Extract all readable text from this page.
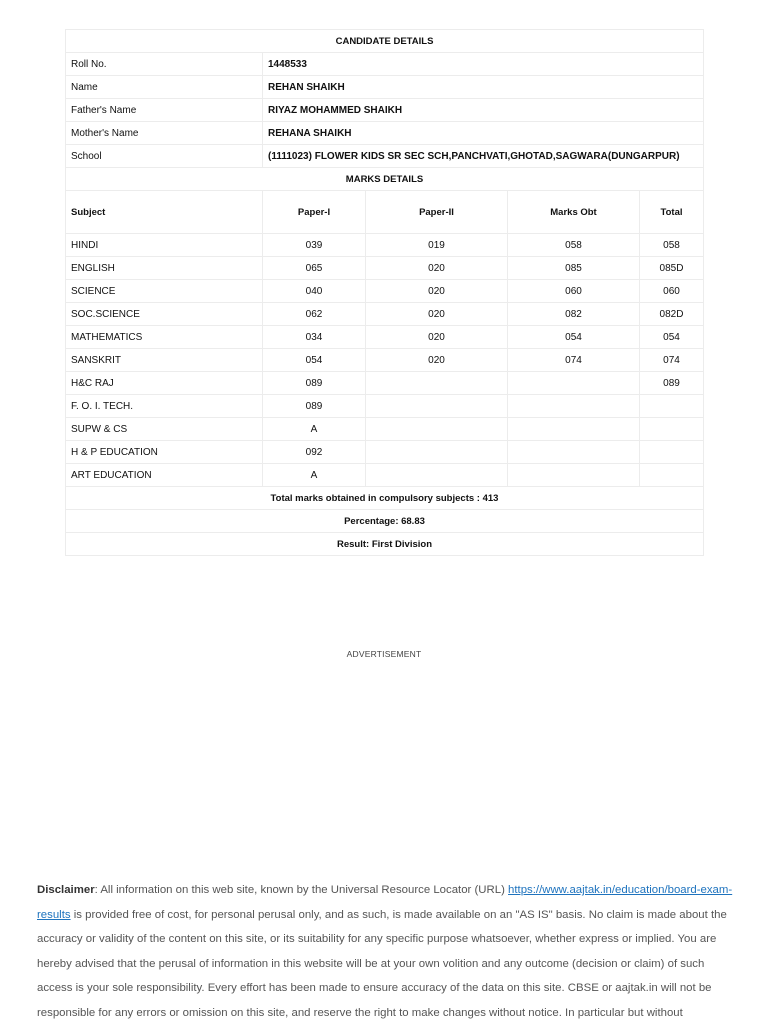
CANDIDATE DETAILS				
Roll No.	1448533			
Name	REHAN SHAIKH			
Father's Name	RIYAZ MOHAMMED SHAIKH			
Mother's Name	REHANA SHAIKH			
School	(1111023) FLOWER KIDS SR SEC SCH,PANCHVATI,GHOTAD,SAGWARA(DUNGARPUR)			
MARKS DETAILS				
Subject	Paper-I	Paper-II	Marks Obt	Total
HINDI	039	019	058	058
ENGLISH	065	020	085	085D
SCIENCE	040	020	060	060
SOC.SCIENCE	062	020	082	082D
MATHEMATICS	034	020	054	054
SANSKRIT	054	020	074	074
H&C RAJ	089			089
F. O. I. TECH.	089			
SUPW & CS	A			
H & P EDUCATION	092			
ART EDUCATION	A			
Total marks obtained in compulsory subjects : 413				
Percentage: 68.83				
Result: First Division				
ADVERTISEMENT
Disclaimer: All information on this web site, known by the Universal Resource Locator (URL) https://www.aajtak.in/education/board-exam-results is provided free of cost, for personal perusal only, and as such, is made available on an "AS IS" basis. No claim is made about the accuracy or validity of the content on this site, or its suitability for any specific purpose whatsoever, whether express or implied. You are hereby advised that the perusal of information in this website will be at your own volition and any outcome (decision or claim) of such access is your sole responsibility. Every effort has been made to ensure accuracy of the data on this site. CBSE or aajtak.in will not be responsible for any errors or omission on this site, and reserve the right to make changes without notice. In particular but without
